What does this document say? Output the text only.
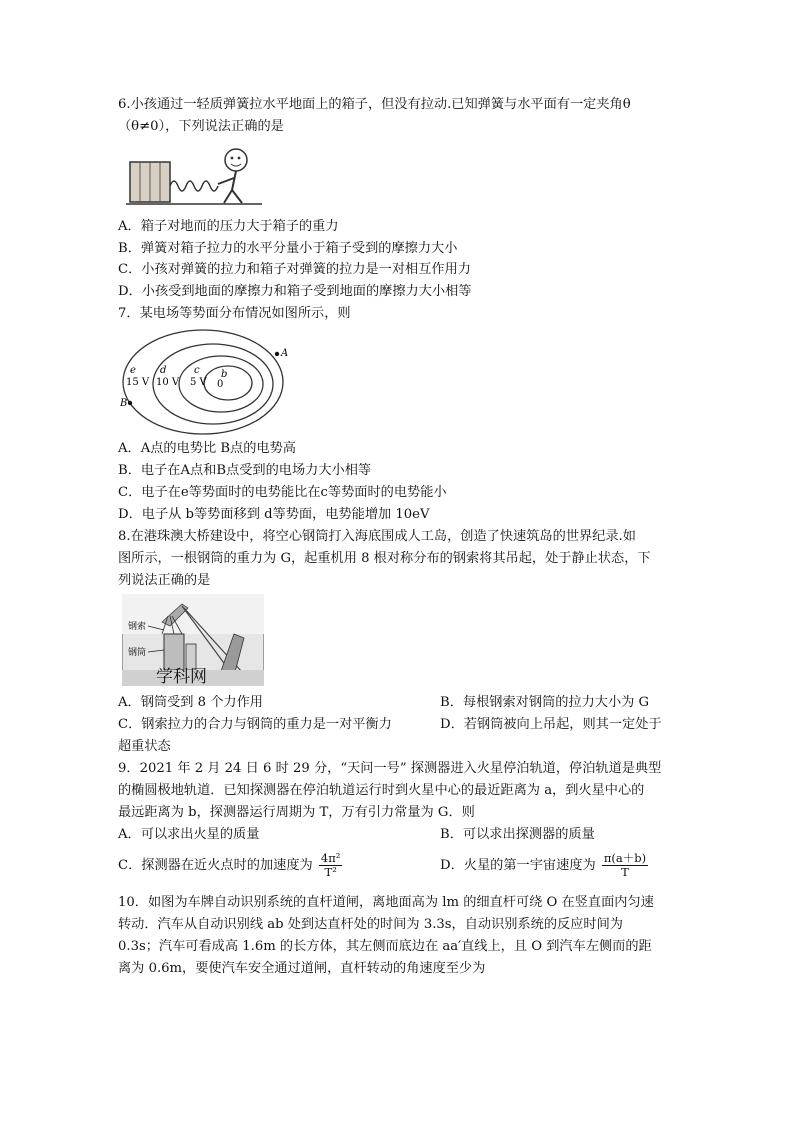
6.小孩通过一轻质弹簧拉水平地面上的箱子，但没有拉动.已知弹簧与水平面有一定夹角θ
（θ≠0），下列说法正确的是
A．箱子对地而的压力大于箱子的重力
B．弹簧对箱子拉力的水平分量小于箱子受到的摩擦力大小
C．小孩对弹簧的拉力和箱子对弹簧的拉力是一对相互作用力
D．小孩受到地面的摩擦力和箱子受到地面的摩擦力大小相等
7．某电场等势面分布情况如图所示，则
e
15 V
d
10 V
c
5 V
b
0
A
B
A．A点的电势比 B点的电势高
B．电子在A点和B点受到的电场力大小相等
C．电子在e等势面时的电势能比在c等势面时的电势能小
D．电子从 b等势面移到 d等势面，电势能增加 10eV
8.在港珠澳大桥建设中，将空心钢筒打入海底围成人工岛，创造了快速筑岛的世界纪录.如
图所示，一根钢筒的重力为 G，起重机用 8 根对称分布的钢索将其吊起，处于静止状态，下
列说法正确的是
钢索
钢筒
学科网
A．钢筒受到 8 个力作用	B．每根钢索对钢筒的拉力大小为 G
C．钢索拉力的合力与钢筒的重力是一对平衡力	D．若钢筒被向上吊起，则其一定处于
超重状态
9．2021 年 2 月 24 日 6 时 29 分，“天问一号” 探测器进入火星停泊轨道，停泊轨道是典型
的椭圆极地轨道．已知探测器在停泊轨道运行时到火星中心的最近距离为 a，到火星中心的
最远距离为 b，探测器运行周期为 T，万有引力常量为 G．则
A．可以求出火星的质量	B．可以求出探测器的质量
C．探测器在近火点时的加速度为 $\frac{\text{4π²}}{\text{T²}}$	D．火星的第一宇宙速度为 $\frac{\pi(a+b)}{T}$
10．如图为车牌自动识别系统的直杆道闸，离地面高为 lm 的细直杆可绕 O 在竖直面内匀速
转动．汽车从自动识别线 ab 处到达直杆处的时间为 3.3s，自动识别系统的反应时间为
0.3s；汽车可看成高 1.6m 的长方体，其左侧而底边在 aa′直线上，且 O 到汽车左侧而的距
离为 0.6m，要使汽车安全通过道闸，直杆转动的角速度至少为
